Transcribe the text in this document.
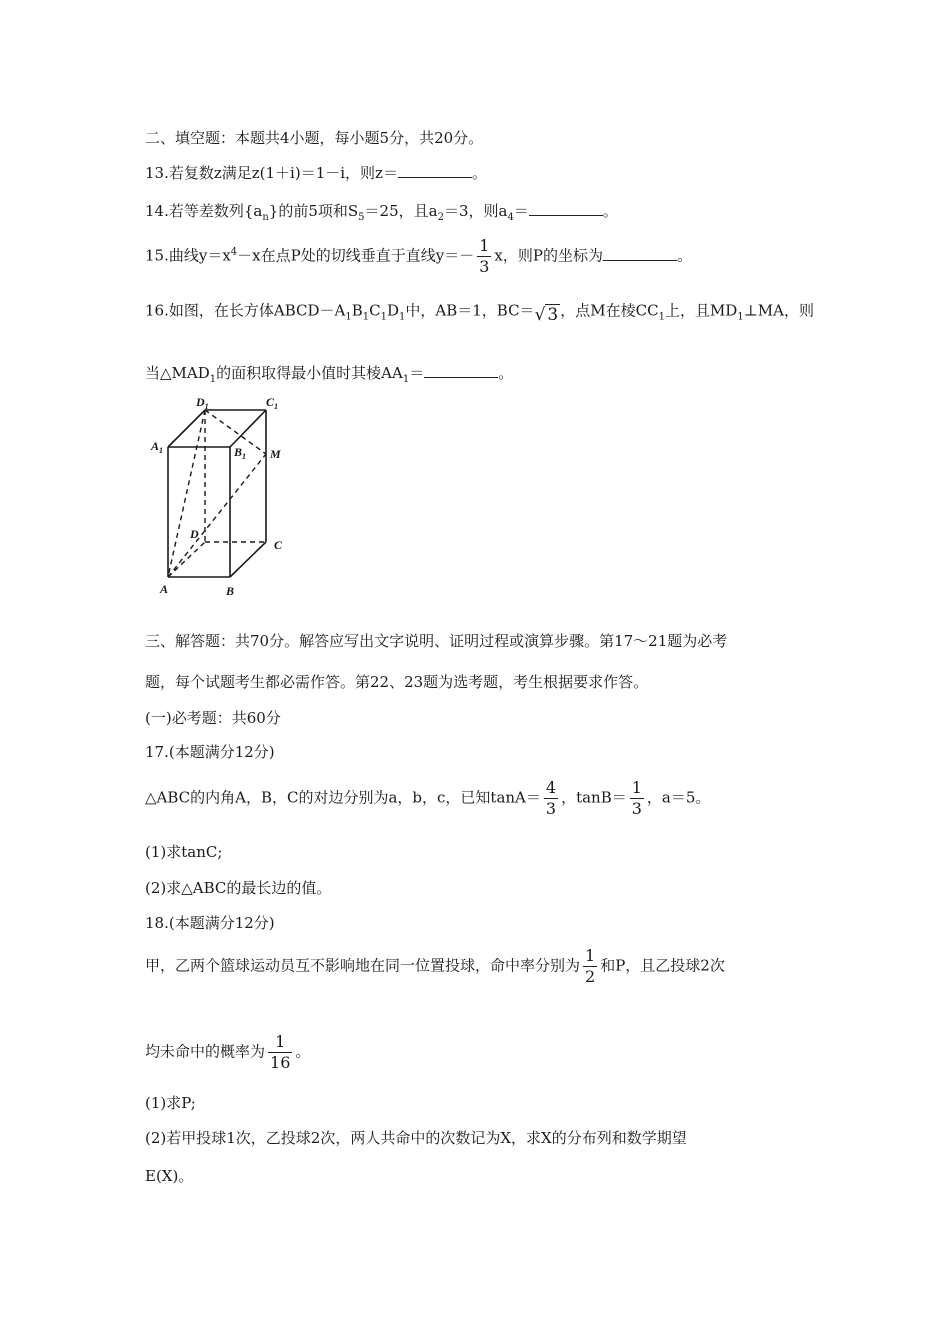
二、填空题：本题共4小题，每小题5分，共20分。
13.若复数z满足z(1＋i)＝1－i，则z＝	。
14.若等差数列$\{a_n\}$的前5项和$S_5=25$，且$a_2=3$，则$a_4=$	。
15.曲线$y=x^4-x$在点P处的切线垂直于直线$y=- \frac{1}{3}$ x，则P的坐标为	。
16.如图，在长方体$ABCD-A_1B_1C_1D_1$中，AB＝1，BC＝√ 3 ，点M在棱$CC_1$上，且$MD_1\perp MA$，则
当$\triangle MAD_1$的面积取得最小值时其棱$AA_1=$	。
$D_1$	$C_1$
$A_1$	$B_1$ M
D
C
A	B
三、解答题：共70分。解答应写出文字说明、证明过程或演算步骤。第17～21题为必考
题，每个试题考生都必需作答。第22、23题为选考题，考生根据要求作答。
(一)必考题：共60分
17.(本题满分12分)
△ABC的内角A，B，C的对边分别为a，b，c，已知$\tan A= \frac{4}{3}$ ，$\tan B= \frac{1}{3}$ ，a＝5。
(1)求tanC;
(2)求△ABC的最长边的值。
18.(本题满分12分)
甲，乙两个篮球运动员互不影响地在同一位置投球，命中率分别为 $\frac{1}{2}$ 和P，且乙投球2次
均未命中的概率为 $\frac{1}{16}$ 。
(1)求P;
(2)若甲投球1次，乙投球2次，两人共命中的次数记为X，求X的分布列和数学期望
E(X)。
